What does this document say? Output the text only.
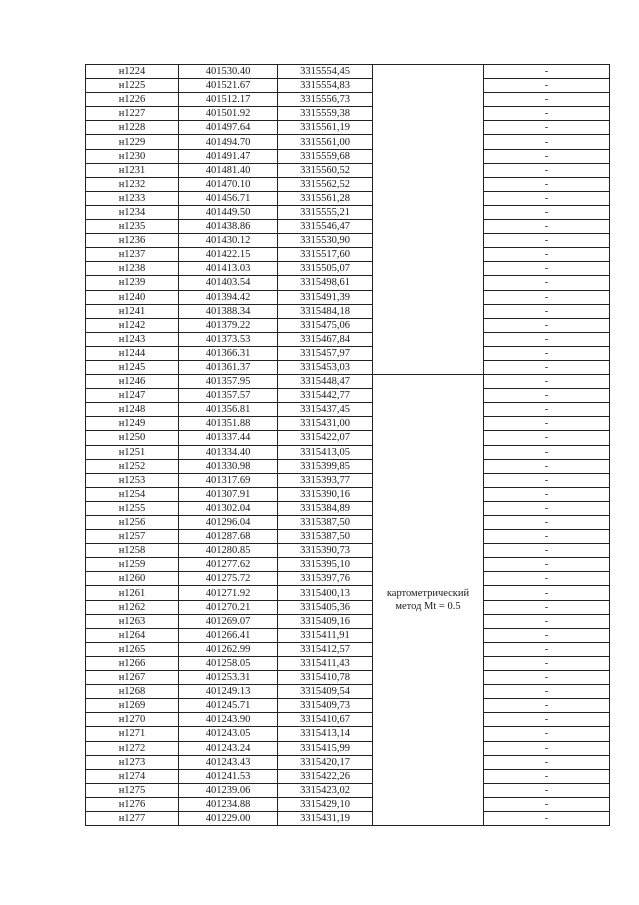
н1224	401530.40	3315554,45		-
н1225	401521.67	3315554,83		-
н1226	401512.17	3315556,73		-
н1227	401501.92	3315559,38		-
н1228	401497.64	3315561,19		-
н1229	401494.70	3315561,00		-
н1230	401491.47	3315559,68		-
н1231	401481.40	3315560,52		-
н1232	401470.10	3315562,52		-
н1233	401456.71	3315561,28		-
н1234	401449.50	3315555,21		-
н1235	401438.86	3315546,47		-
н1236	401430.12	3315530,90		-
н1237	401422.15	3315517,60		-
н1238	401413.03	3315505,07		-
н1239	401403.54	3315498,61		-
н1240	401394.42	3315491,39		-
н1241	401388.34	3315484,18		-
н1242	401379.22	3315475,06		-
н1243	401373.53	3315467,84		-
н1244	401366.31	3315457,97		-
н1245	401361.37	3315453,03		-
н1246	401357.95	3315448,47	картометрический
метод Mt = 0.5	-
н1247	401357.57	3315442,77		-
н1248	401356.81	3315437,45		-
н1249	401351.88	3315431,00		-
н1250	401337.44	3315422,07		-
н1251	401334.40	3315413,05		-
н1252	401330.98	3315399,85		-
н1253	401317.69	3315393,77		-
н1254	401307.91	3315390,16		-
н1255	401302.04	3315384,89		-
н1256	401296.04	3315387,50		-
н1257	401287.68	3315387,50		-
н1258	401280.85	3315390,73		-
н1259	401277.62	3315395,10		-
н1260	401275.72	3315397,76		-
н1261	401271.92	3315400,13		-
н1262	401270.21	3315405,36		-
н1263	401269.07	3315409,16		-
н1264	401266.41	3315411,91		-
н1265	401262.99	3315412,57		-
н1266	401258.05	3315411,43		-
н1267	401253.31	3315410,78		-
н1268	401249.13	3315409,54		-
н1269	401245.71	3315409,73		-
н1270	401243.90	3315410,67		-
н1271	401243.05	3315413,14		-
н1272	401243.24	3315415,99		-
н1273	401243.43	3315420,17		-
н1274	401241.53	3315422,26		-
н1275	401239.06	3315423,02		-
н1276	401234.88	3315429,10		-
н1277	401229.00	3315431,19		-
